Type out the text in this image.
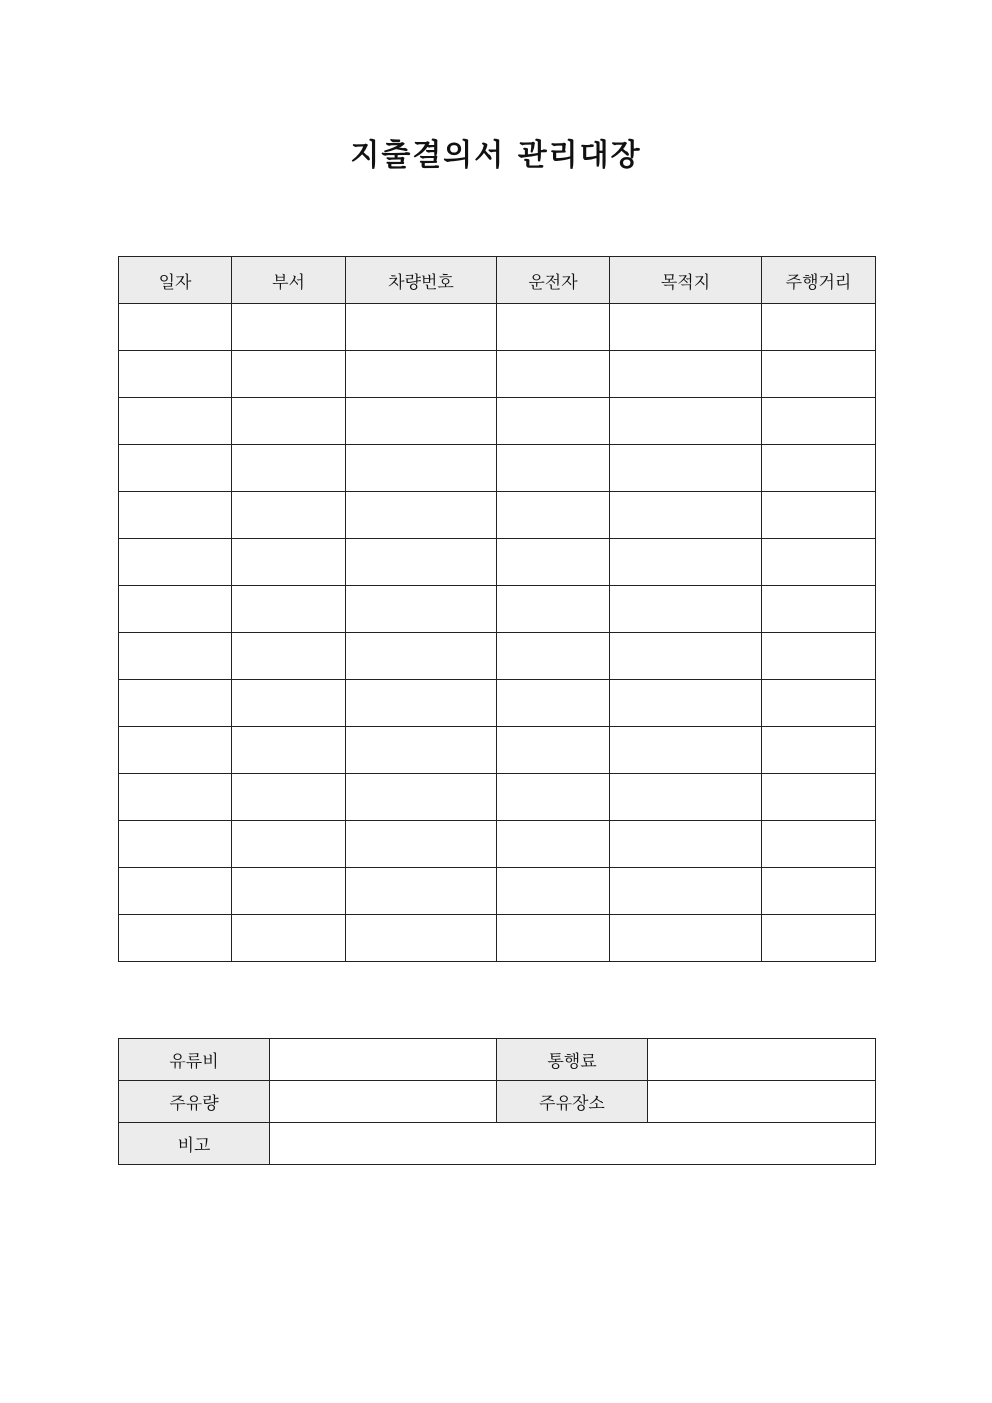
지출결의서 관리대장
일자	부서	차량번호	운전자	목적지	주행거리

유류비		통행료	
주유량		주유장소	
비고			
